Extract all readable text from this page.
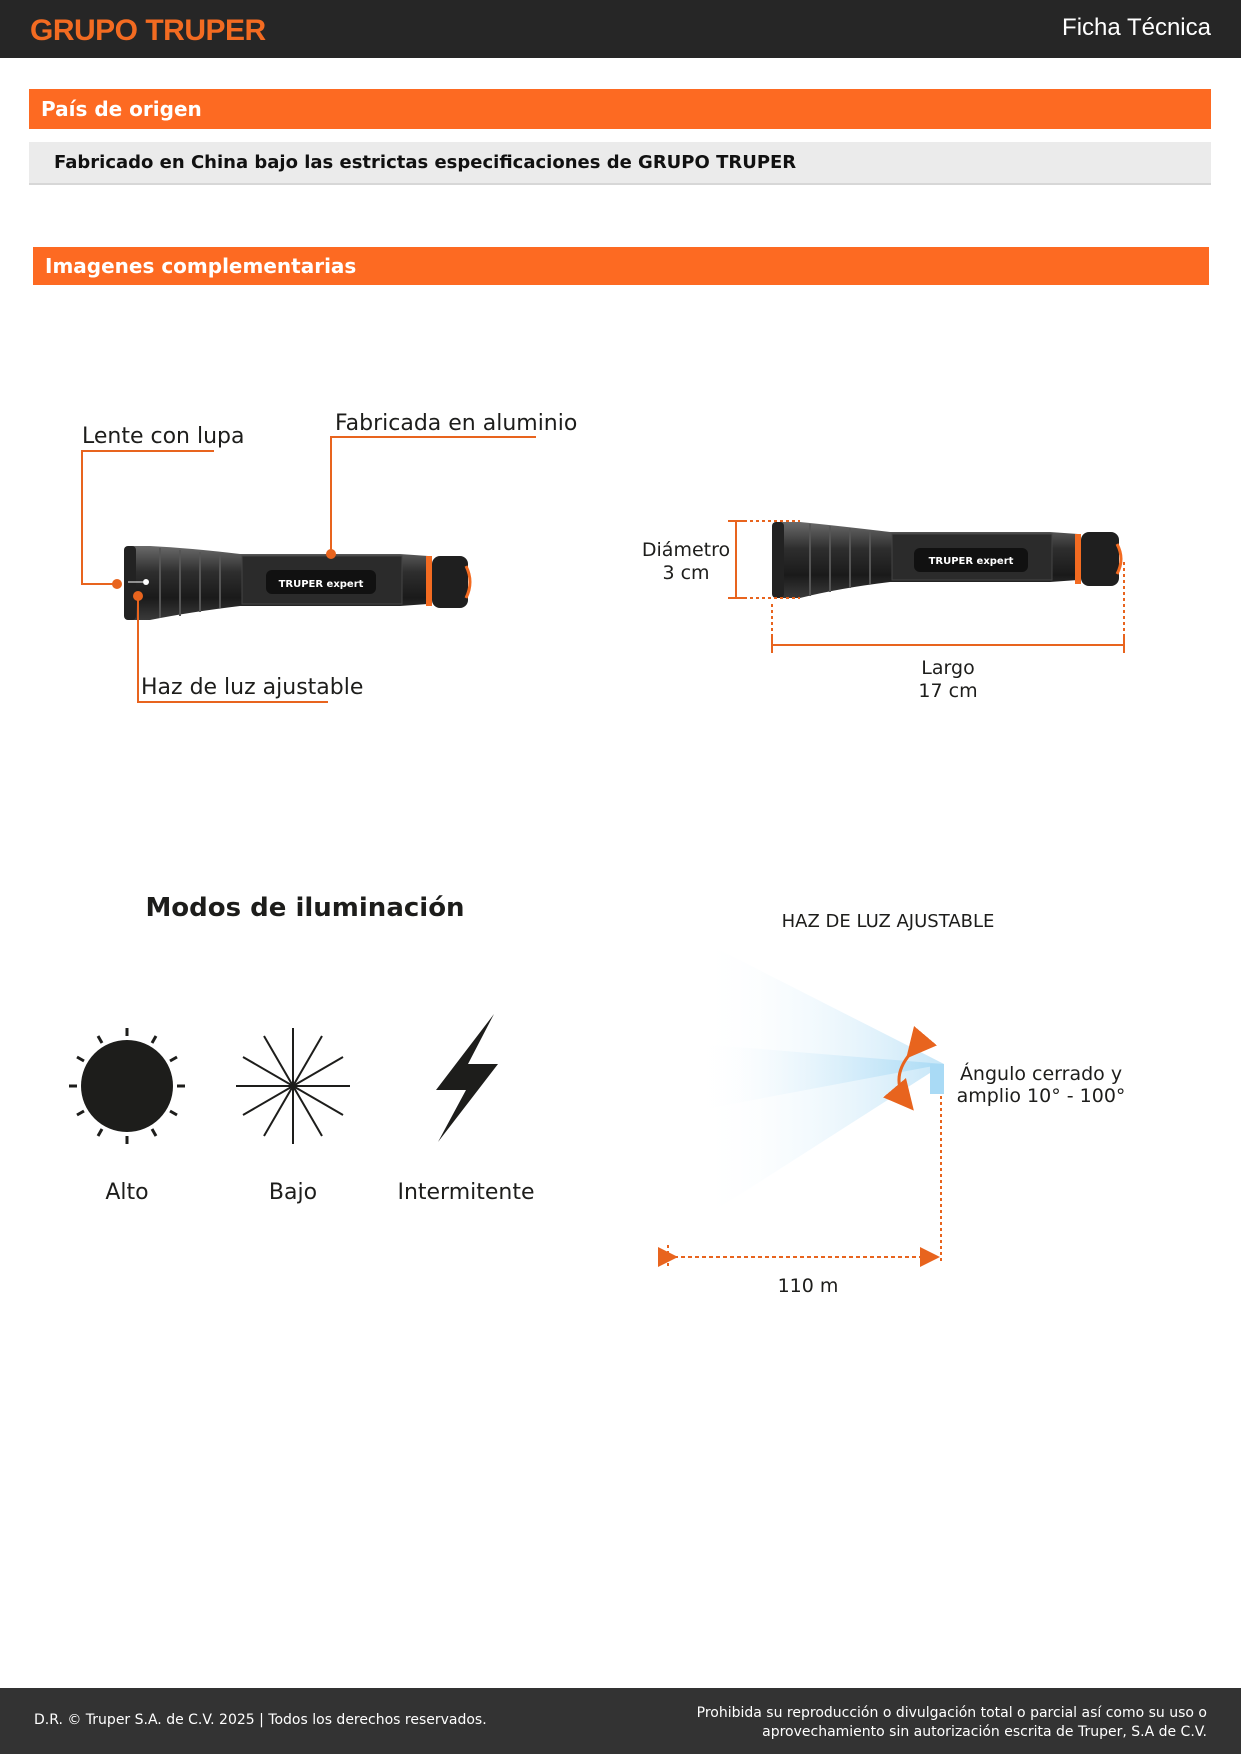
GRUPO TRUPER	Ficha Técnica
País de origen
Fabricado en China bajo las estrictas especificaciones de GRUPO TRUPER
Imagenes complementarias
TRUPER expert
Lente con lupa
Fabricada en aluminio
Haz de luz ajustable
TRUPER expert
Diámetro
3 cm
Largo
17 cm
Modos de iluminación
Alto	Bajo	Intermitente
HAZ DE LUZ AJUSTABLE
Ángulo cerrado y
amplio 10° - 100°
110 m
D.R. © Truper S.A. de C.V. 2025 | Todos los derechos reservados.	Prohibida su reproducción o divulgación total o parcial así como su uso o
aprovechamiento sin autorización escrita de Truper, S.A de C.V.
